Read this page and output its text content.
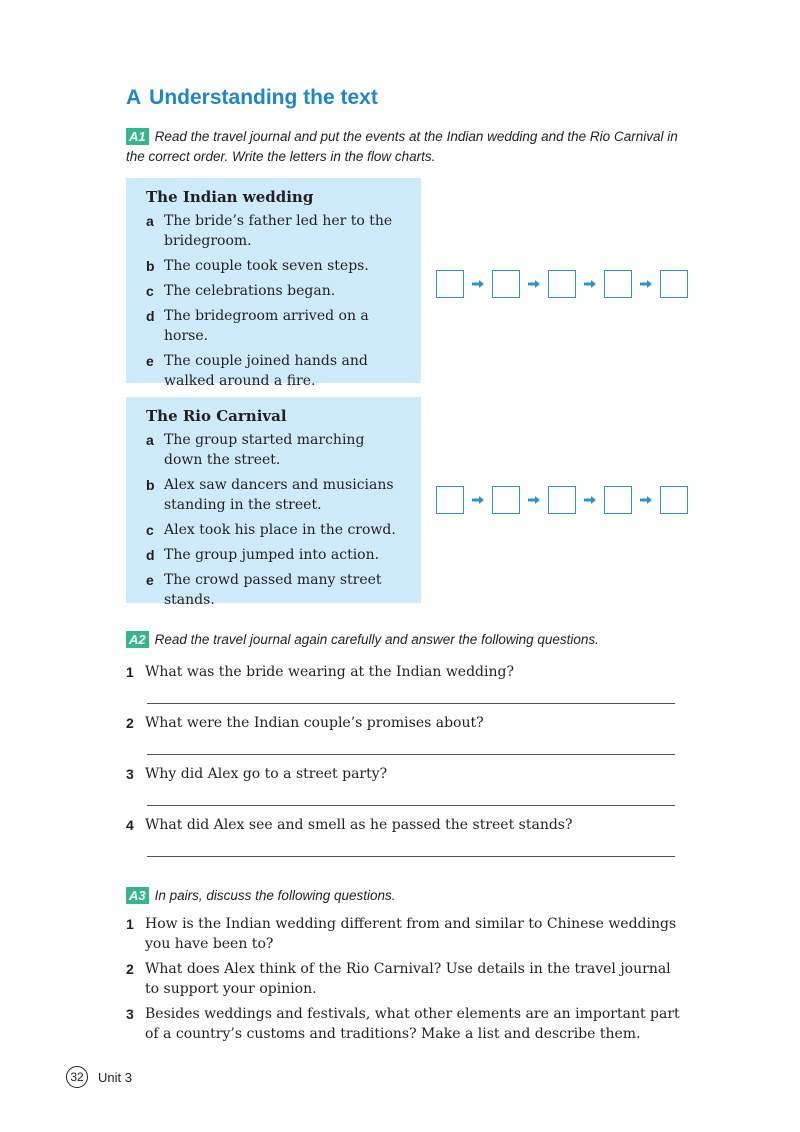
A Understanding the text
A1 Read the travel journal and put the events at the Indian wedding and the Rio Carnival in the correct order. Write the letters in the flow charts.
The Indian wedding
a The bride’s father led her to the bridegroom.
b The couple took seven steps.
c The celebrations began.
d The bridegroom arrived on a horse.
e The couple joined hands and walked around a fire.
The Rio Carnival
a The group started marching down the street.
b Alex saw dancers and musicians standing in the street.
c Alex took his place in the crowd.
d The group jumped into action.
e The crowd passed many street stands.
A2 Read the travel journal again carefully and answer the following questions.
1 What was the bride wearing at the Indian wedding?
2 What were the Indian couple’s promises about?
3 Why did Alex go to a street party?
4 What did Alex see and smell as he passed the street stands?
A3 In pairs, discuss the following questions.
1 How is the Indian wedding different from and similar to Chinese weddings you have been to?
2 What does Alex think of the Rio Carnival? Use details in the travel journal to support your opinion.
3 Besides weddings and festivals, what other elements are an important part of a country’s customs and traditions? Make a list and describe them.
32	Unit 3
